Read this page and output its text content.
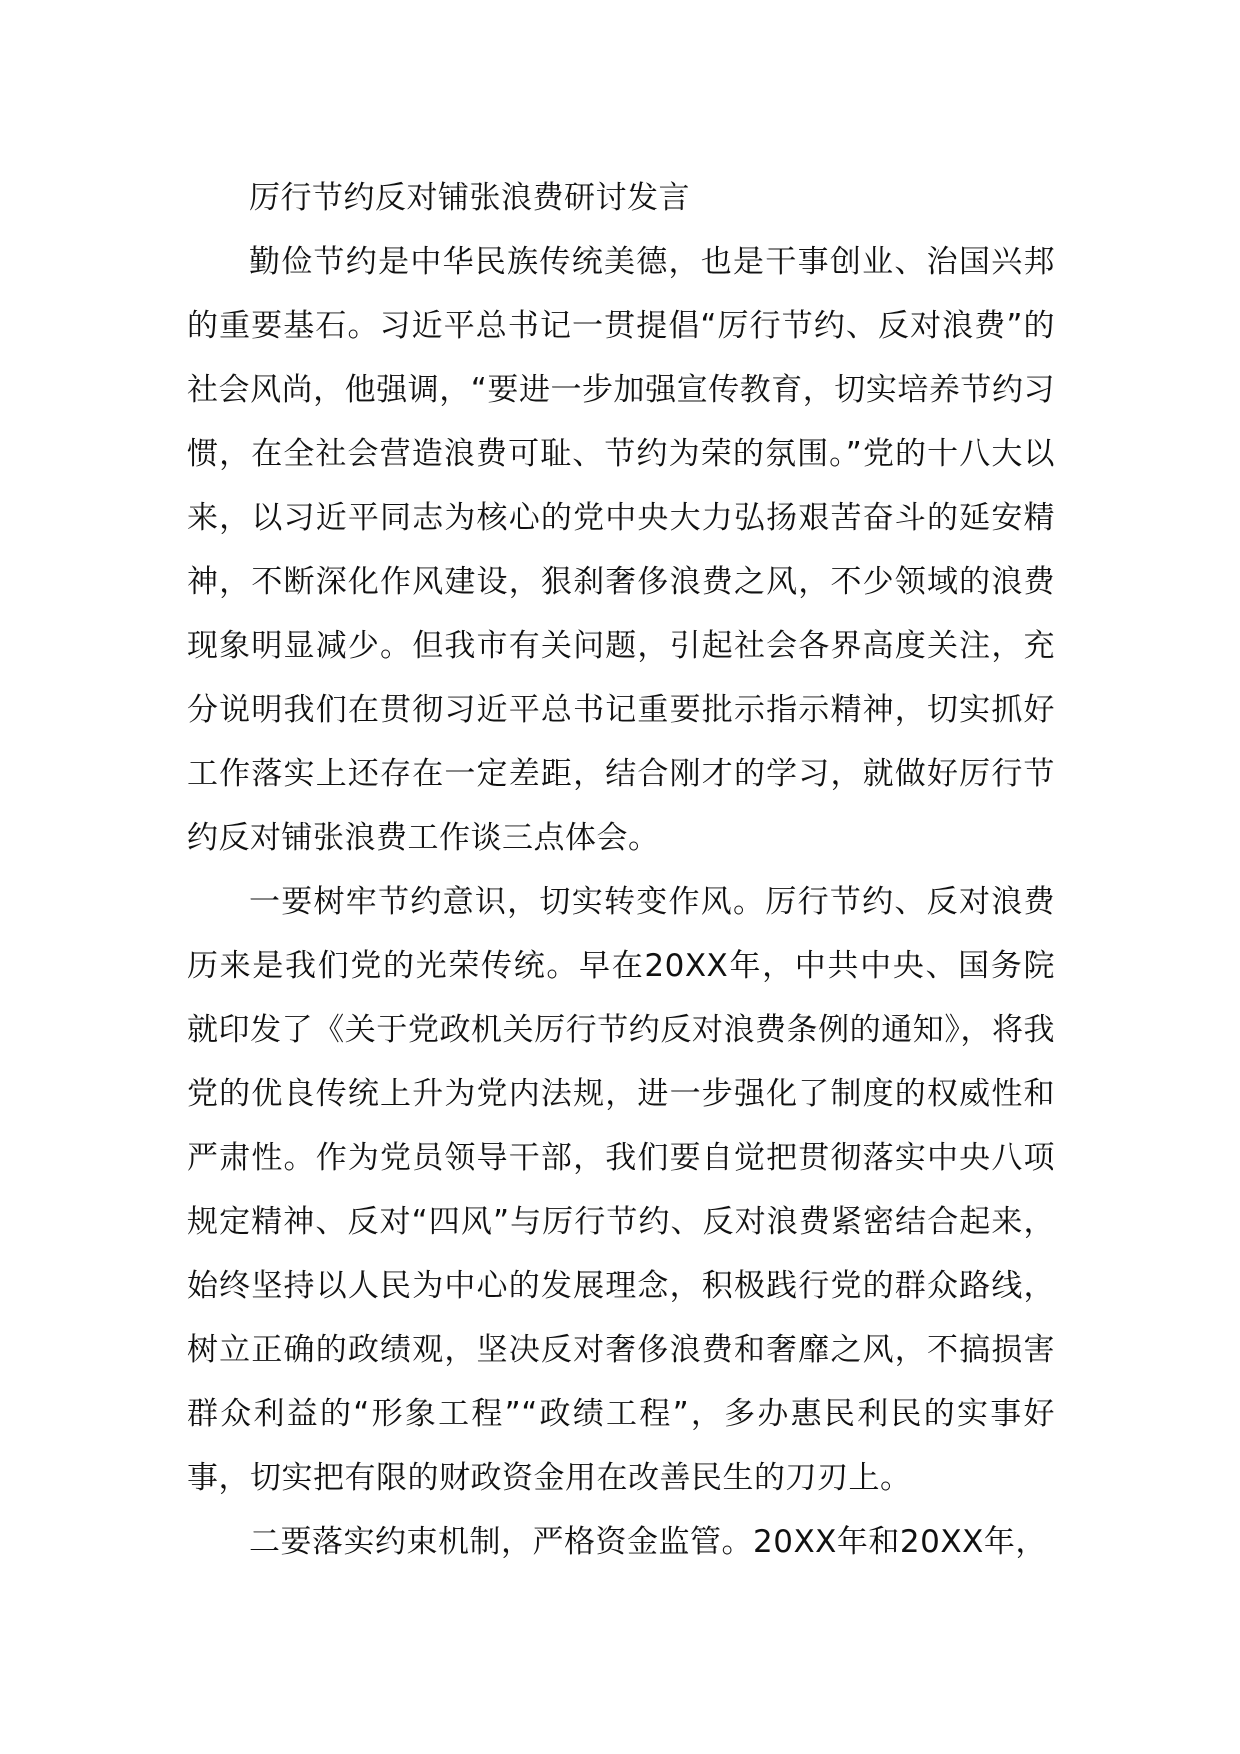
厉行节约反对铺张浪费研讨发言

勤俭节约是中华民族传统美德，也是干事创业、治国兴邦的重要基石。习近平总书记一贯提倡“厉行节约、反对浪费”的社会风尚，他强调，“要进一步加强宣传教育，切实培养节约习惯，在全社会营造浪费可耻、节约为荣的氛围。”党的十八大以来，以习近平同志为核心的党中央大力弘扬艰苦奋斗的延安精神，不断深化作风建设，狠刹奢侈浪费之风，不少领域的浪费现象明显减少。但我市有关问题，引起社会各界高度关注，充分说明我们在贯彻习近平总书记重要批示指示精神，切实抓好工作落实上还存在一定差距，结合刚才的学习，就做好厉行节约反对铺张浪费工作谈三点体会。

一要树牢节约意识，切实转变作风。厉行节约、反对浪费历来是我们党的光荣传统。早在20XX年，中共中央、国务院就印发了《关于党政机关厉行节约反对浪费条例的通知》，将我党的优良传统上升为党内法规，进一步强化了制度的权威性和严肃性。作为党员领导干部，我们要自觉把贯彻落实中央八项规定精神、反对“四风”与厉行节约、反对浪费紧密结合起来，始终坚持以人民为中心的发展理念，积极践行党的群众路线，树立正确的政绩观，坚决反对奢侈浪费和奢靡之风，不搞损害群众利益的“形象工程”“政绩工程”，多办惠民利民的实事好事，切实把有限的财政资金用在改善民生的刀刃上。

二要落实约束机制，严格资金监管。20XX年和20XX年，
